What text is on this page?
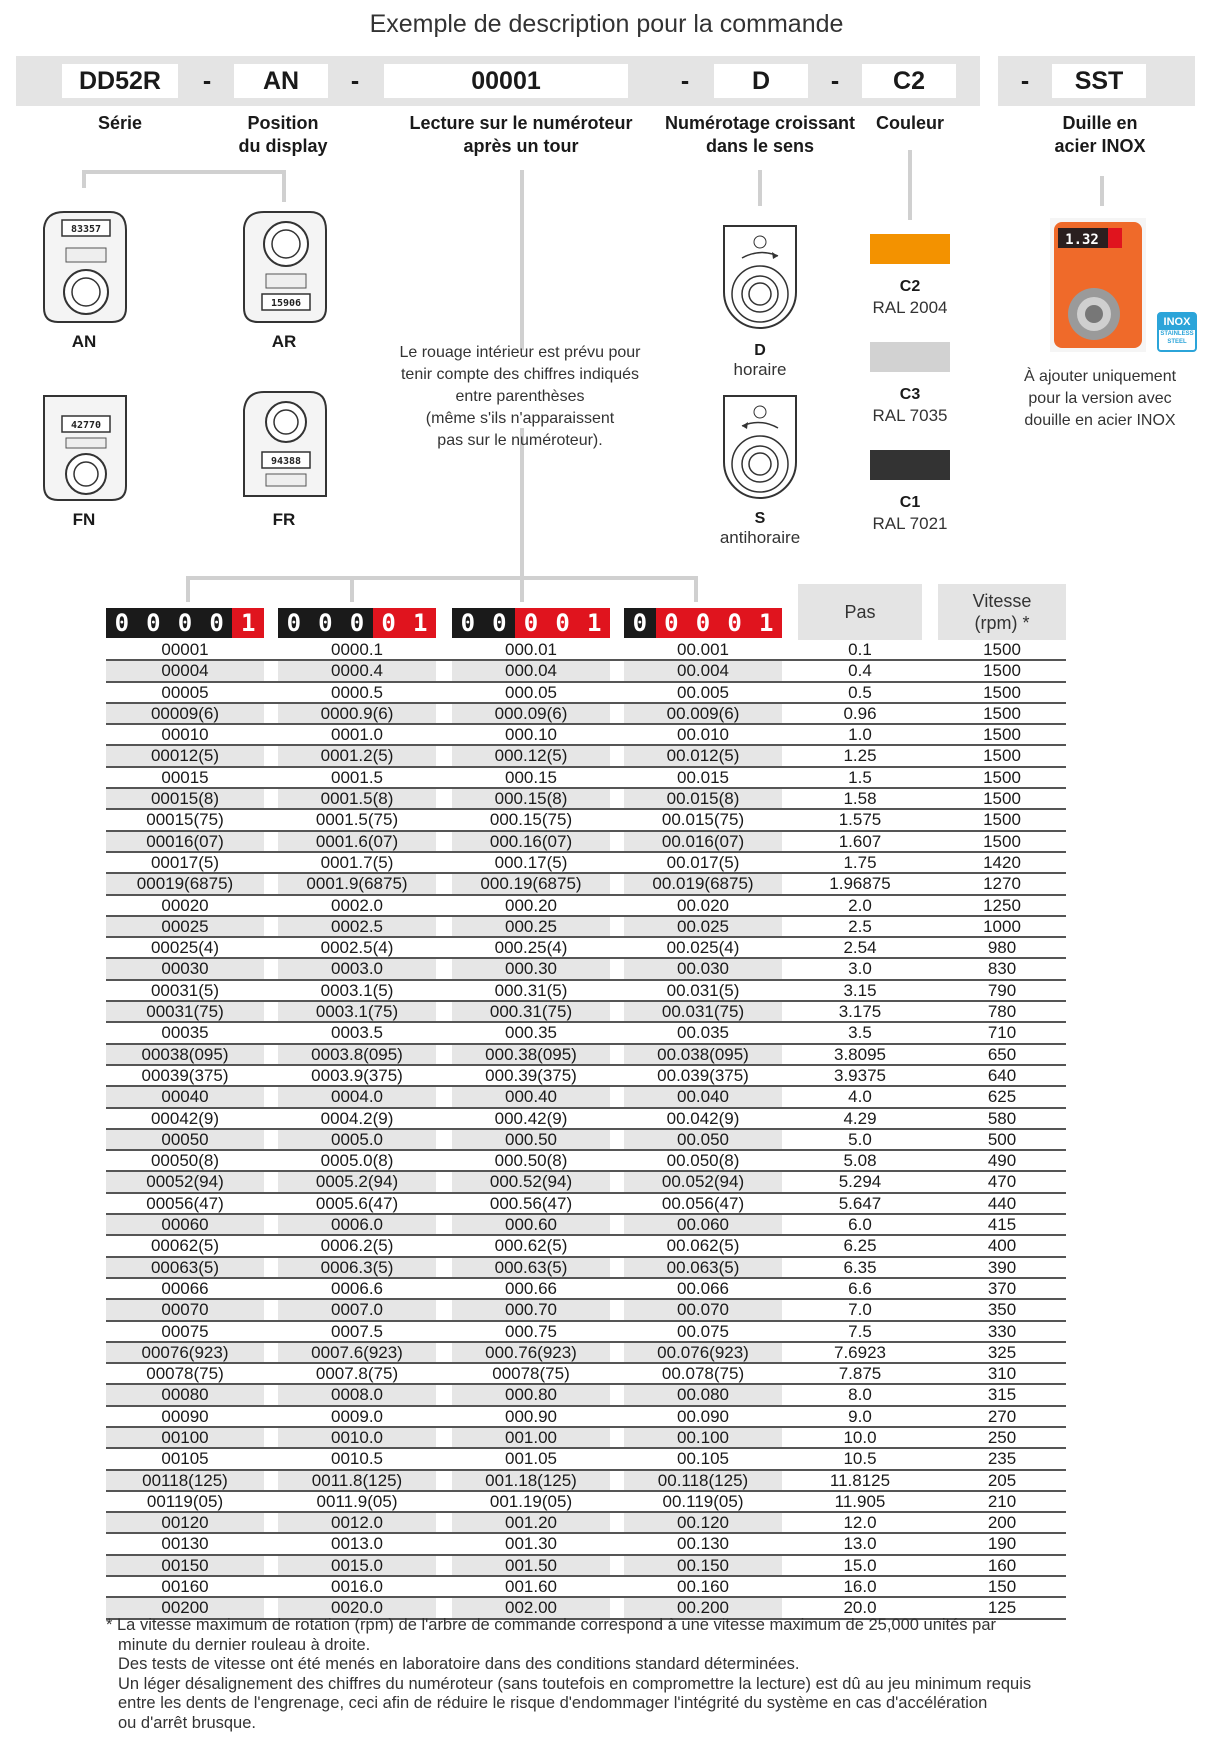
Exemple de description pour la commande
DD52R	-	AN	-	00001	-	D	-	C2	-	SST
Série	Position
du display
Lecture sur le numéroteur
après un tour
Numérotage croissant
dans le sens
Couleur	Duille en
acier INOX
83357
AN
15906
AR
42770
FN
94388
FR
Le rouage intérieur est prévu pour
tenir compte des chiffres indiqués
entre parenthèses
(même s'ils n'apparaissent
pas sur le numéroteur).
D
horaire
S
antihoraire
C2
RAL 2004
C3
RAL 7035
C1
RAL 7021
1.32
INOX
STAINLESS STEEL
À ajouter uniquement
pour la version avec
douille en acier INOX
0 0 0 0 1	0 0 0 0 1	0 0 0 0 1	0 0 0 0 1	Pas
Vitesse
(rpm) *
00001	0000.1	000.01	00.001	0.1	1500
00004	0000.4	000.04	00.004	0.4	1500
00005	0000.5	000.05	00.005	0.5	1500
00009(6)	0000.9(6)	000.09(6)	00.009(6)	0.96	1500
00010	0001.0	000.10	00.010	1.0	1500
00012(5)	0001.2(5)	000.12(5)	00.012(5)	1.25	1500
00015	0001.5	000.15	00.015	1.5	1500
00015(8)	0001.5(8)	000.15(8)	00.015(8)	1.58	1500
00015(75)	0001.5(75)	000.15(75)	00.015(75)	1.575	1500
00016(07)	0001.6(07)	000.16(07)	00.016(07)	1.607	1500
00017(5)	0001.7(5)	000.17(5)	00.017(5)	1.75	1420
00019(6875)	0001.9(6875)	000.19(6875)	00.019(6875)	1.96875	1270
00020	0002.0	000.20	00.020	2.0	1250
00025	0002.5	000.25	00.025	2.5	1000
00025(4)	0002.5(4)	000.25(4)	00.025(4)	2.54	980
00030	0003.0	000.30	00.030	3.0	830
00031(5)	0003.1(5)	000.31(5)	00.031(5)	3.15	790
00031(75)	0003.1(75)	000.31(75)	00.031(75)	3.175	780
00035	0003.5	000.35	00.035	3.5	710
00038(095)	0003.8(095)	000.38(095)	00.038(095)	3.8095	650
00039(375)	0003.9(375)	000.39(375)	00.039(375)	3.9375	640
00040	0004.0	000.40	00.040	4.0	625
00042(9)	0004.2(9)	000.42(9)	00.042(9)	4.29	580
00050	0005.0	000.50	00.050	5.0	500
00050(8)	0005.0(8)	000.50(8)	00.050(8)	5.08	490
00052(94)	0005.2(94)	000.52(94)	00.052(94)	5.294	470
00056(47)	0005.6(47)	000.56(47)	00.056(47)	5.647	440
00060	0006.0	000.60	00.060	6.0	415
00062(5)	0006.2(5)	000.62(5)	00.062(5)	6.25	400
00063(5)	0006.3(5)	000.63(5)	00.063(5)	6.35	390
00066	0006.6	000.66	00.066	6.6	370
00070	0007.0	000.70	00.070	7.0	350
00075	0007.5	000.75	00.075	7.5	330
00076(923)	0007.6(923)	000.76(923)	00.076(923)	7.6923	325
00078(75)	0007.8(75)	00078(75)	00.078(75)	7.875	310
00080	0008.0	000.80	00.080	8.0	315
00090	0009.0	000.90	00.090	9.0	270
00100	0010.0	001.00	00.100	10.0	250
00105	0010.5	001.05	00.105	10.5	235
00118(125)	0011.8(125)	001.18(125)	00.118(125)	11.8125	205
00119(05)	0011.9(05)	001.19(05)	00.119(05)	11.905	210
00120	0012.0	001.20	00.120	12.0	200
00130	0013.0	001.30	00.130	13.0	190
00150	0015.0	001.50	00.150	15.0	160
00160	0016.0	001.60	00.160	16.0	150
00200	0020.0	002.00	00.200	20.0	125

* La vitesse maximum de rotation (rpm) de l'arbre de commande correspond à une vitesse maximum de 25,000 unités par

minute du dernier rouleau à droite.

Des tests de vitesse ont été menés en laboratoire dans des conditions standard déterminées.

Un léger désalignement des chiffres du numéroteur (sans toutefois en compromettre la lecture) est dû au jeu minimum requis

entre les dents de l'engrenage, ceci afin de réduire le risque d'endommager l'intégrité du système en cas d'accélération

ou d'arrêt brusque.
